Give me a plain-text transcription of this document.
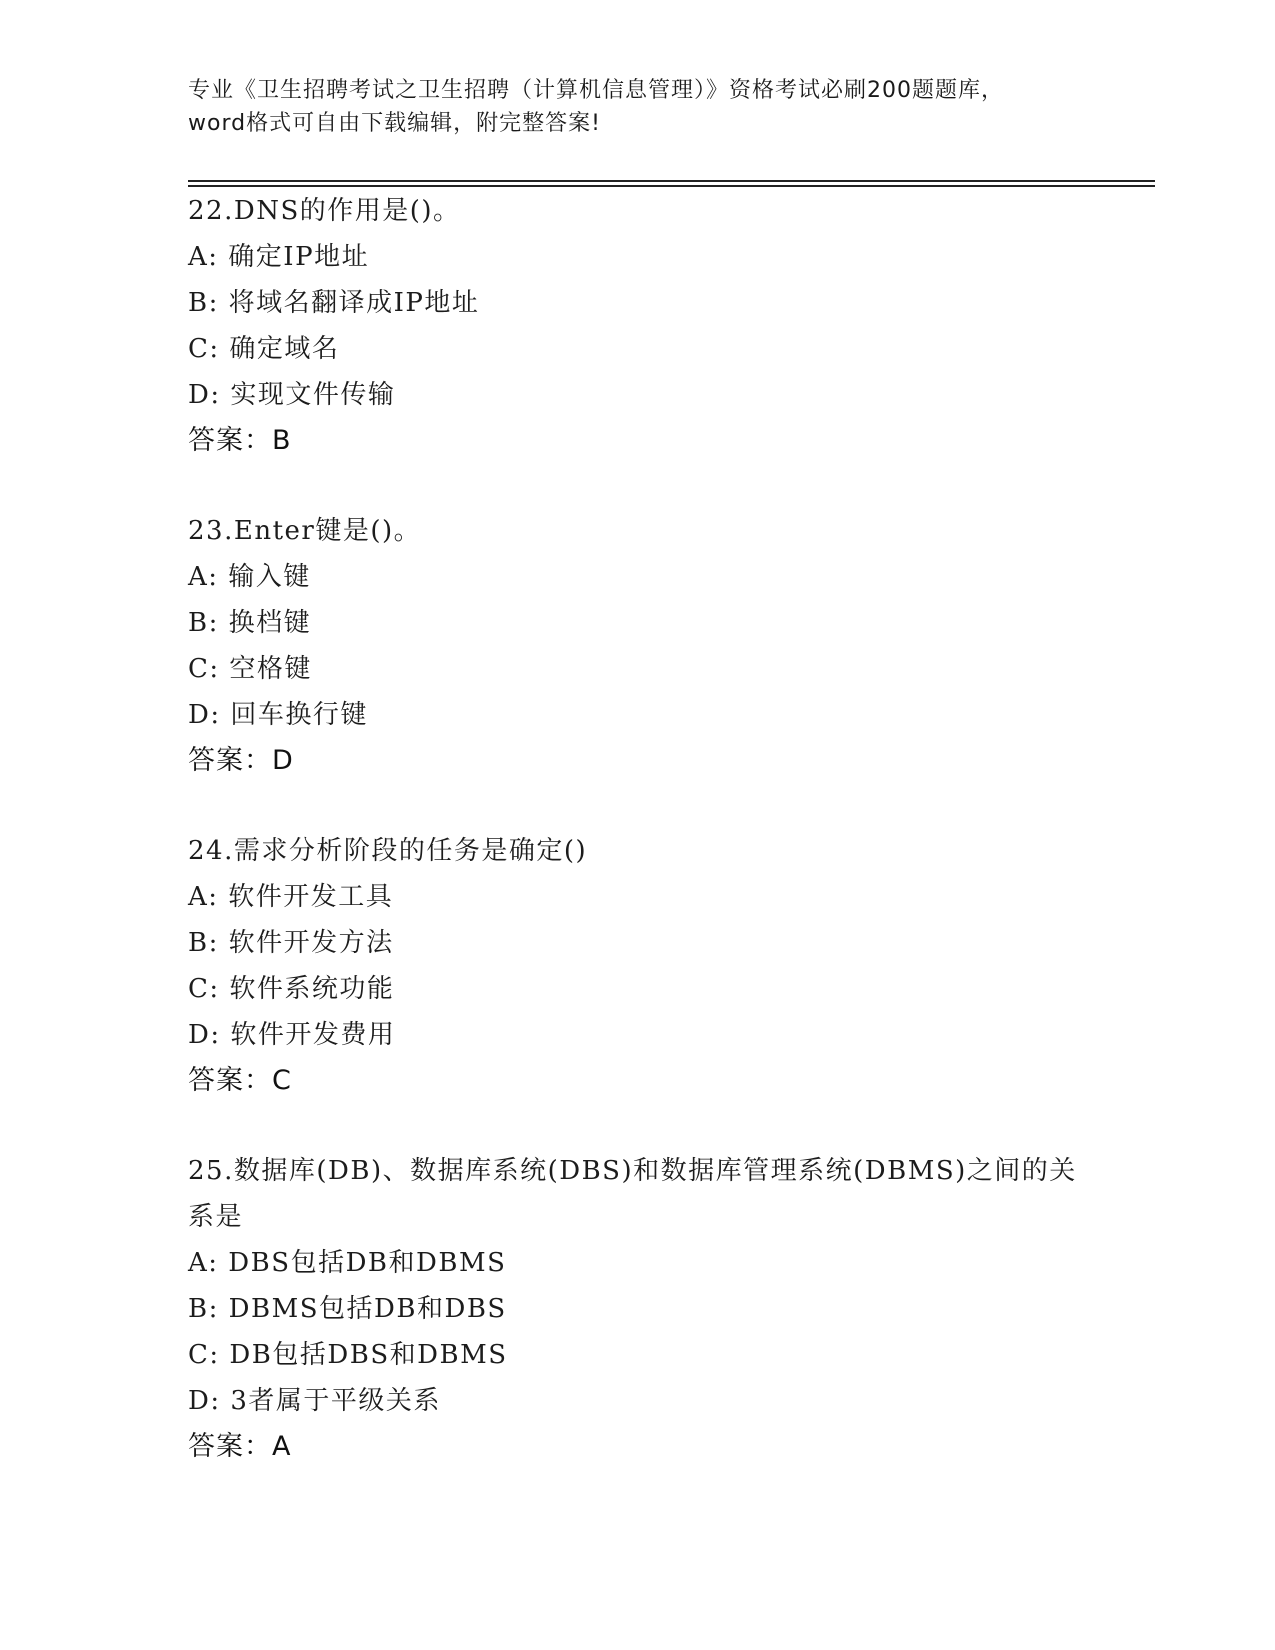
专业《卫生招聘考试之卫生招聘（计算机信息管理）》资格考试必刷200题题库，
word格式可自由下载编辑，附完整答案!
22.DNS的作用是()。
A: 确定IP地址
B: 将域名翻译成IP地址
C: 确定域名
D: 实现文件传输
答案：B
23.Enter键是()。
A: 输入键
B: 换档键
C: 空格键
D: 回车换行键
答案：D
24.需求分析阶段的任务是确定()
A: 软件开发工具
B: 软件开发方法
C: 软件系统功能
D: 软件开发费用
答案：C
25.数据库(DB)、数据库系统(DBS)和数据库管理系统(DBMS)之间的关系是
A: DBS包括DB和DBMS
B: DBMS包括DB和DBS
C: DB包括DBS和DBMS
D: 3者属于平级关系
答案：A
